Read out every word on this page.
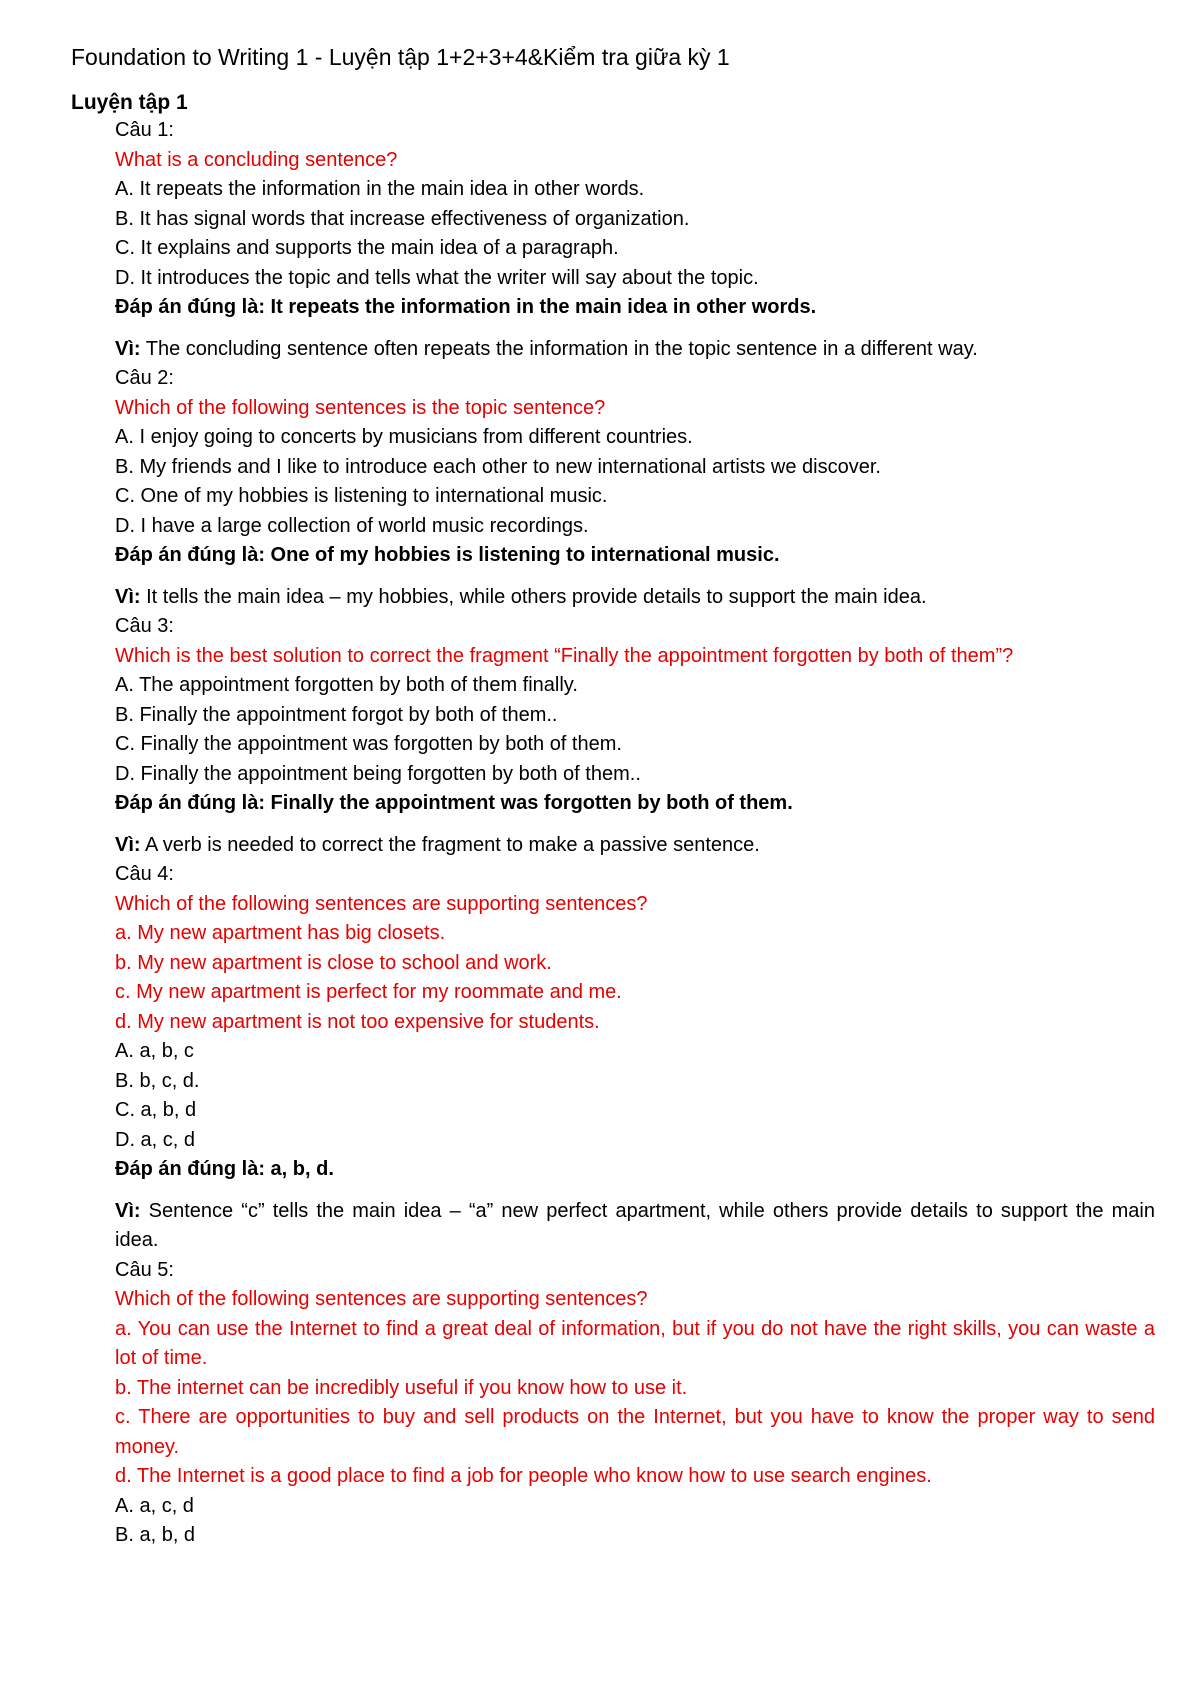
Foundation to Writing 1 - Luyện tập 1+2+3+4&Kiểm tra giữa kỳ 1
Luyện tập 1

Câu 1:

What is a concluding sentence?

A. It repeats the information in the main idea in other words.

B. It has signal words that increase effectiveness of organization.

C. It explains and supports the main idea of a paragraph.

D. It introduces the topic and tells what the writer will say about the topic.

Đáp án đúng là: It repeats the information in the main idea in other words.

Vì: The concluding sentence often repeats the information in the topic sentence in a different way.

Câu 2:

Which of the following sentences is the topic sentence?

A. I enjoy going to concerts by musicians from different countries.

B. My friends and I like to introduce each other to new international artists we discover.

C. One of my hobbies is listening to international music.

D. I have a large collection of world music recordings.

Đáp án đúng là: One of my hobbies is listening to international music.

Vì: It tells the main idea – my hobbies, while others provide details to support the main idea.

Câu 3:

Which is the best solution to correct the fragment “Finally the appointment forgotten by both of them”?

A. The appointment forgotten by both of them finally.

B. Finally the appointment forgot by both of them..

C. Finally the appointment was forgotten by both of them.

D. Finally the appointment being forgotten by both of them..

Đáp án đúng là: Finally the appointment was forgotten by both of them.

Vì: A verb is needed to correct the fragment to make a passive sentence.

Câu 4:

Which of the following sentences are supporting sentences?

a. My new apartment has big closets.

b. My new apartment is close to school and work.

c. My new apartment is perfect for my roommate and me.

d. My new apartment is not too expensive for students.

A. a, b, c

B. b, c, d.

C. a, b, d

D. a, c, d

Đáp án đúng là: a, b, d.

Vì: Sentence “c” tells the main idea – “a” new perfect apartment, while others provide details to support the main idea.

Câu 5:

Which of the following sentences are supporting sentences?

a. You can use the Internet to find a great deal of information, but if you do not have the right skills, you can waste a lot of time.

b. The internet can be incredibly useful if you know how to use it.

c. There are opportunities to buy and sell products on the Internet, but you have to know the proper way to send money.

d. The Internet is a good place to find a job for people who know how to use search engines.

A. a, c, d

B. a, b, d
